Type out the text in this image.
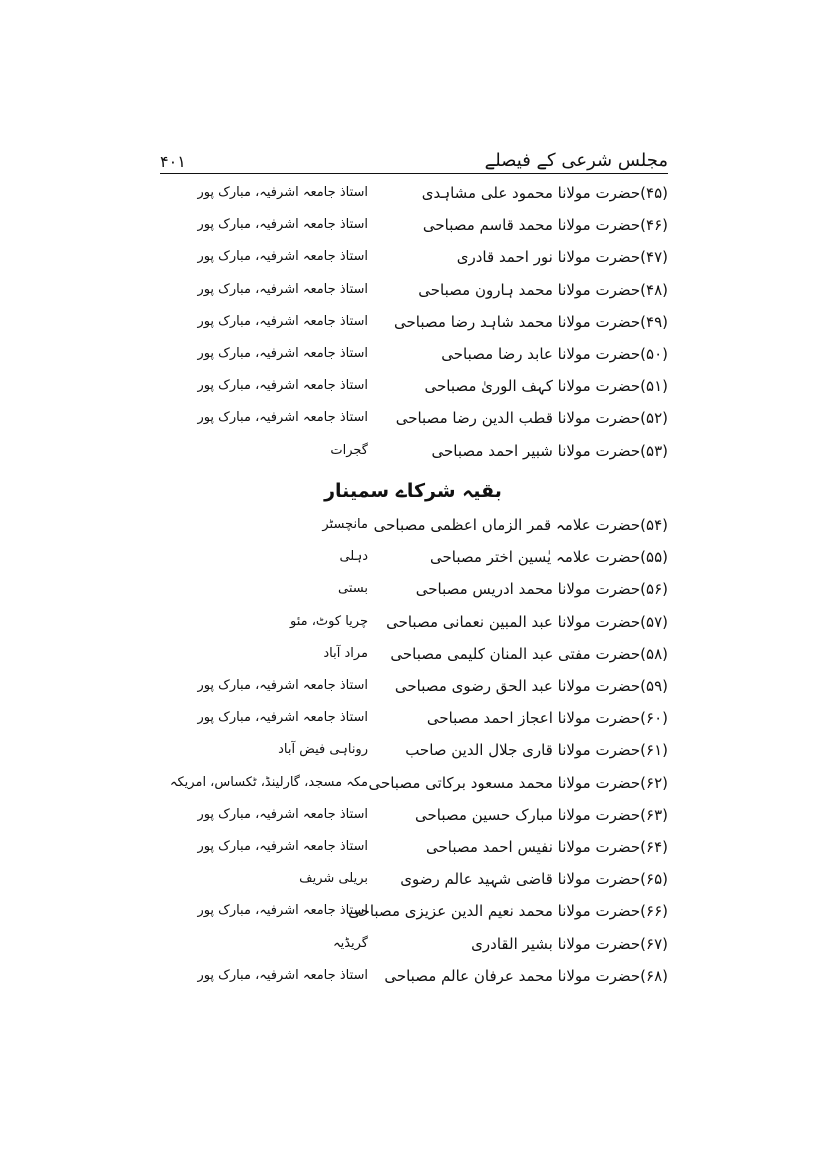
مجلس شرعی کے فیصلے
۴۰۱
(۴۵)حضرت مولانا محمود علی مشاہدی
استاذ جامعہ اشرفیہ، مبارک پور
(۴۶)حضرت مولانا محمد قاسم مصباحی
استاذ جامعہ اشرفیہ، مبارک پور
(۴۷)حضرت مولانا نور احمد قادری
استاذ جامعہ اشرفیہ، مبارک پور
(۴۸)حضرت مولانا محمد ہارون مصباحی
استاذ جامعہ اشرفیہ، مبارک پور
(۴۹)حضرت مولانا محمد شاہد رضا مصباحی
استاذ جامعہ اشرفیہ، مبارک پور
(۵۰)حضرت مولانا عابد رضا مصباحی
استاذ جامعہ اشرفیہ، مبارک پور
(۵۱)حضرت مولانا کہف الوریٰ مصباحی
استاذ جامعہ اشرفیہ، مبارک پور
(۵۲)حضرت مولانا قطب الدین رضا مصباحی
استاذ جامعہ اشرفیہ، مبارک پور
(۵۳)حضرت مولانا شبیر احمد مصباحی
گجرات
بقیہ شرکاے سمینار
(۵۴)حضرت علامہ قمر الزماں اعظمی مصباحی
مانچسٹر
(۵۵)حضرت علامہ یٰسین اختر مصباحی
دہلی
(۵۶)حضرت مولانا محمد ادریس مصباحی
بستی
(۵۷)حضرت مولانا عبد المبین نعمانی مصباحی
چریا کوٹ، مئو
(۵۸)حضرت مفتی عبد المنان کلیمی مصباحی
مراد آباد
(۵۹)حضرت مولانا عبد الحق رضوی مصباحی
استاذ جامعہ اشرفیہ، مبارک پور
(۶۰)حضرت مولانا اعجاز احمد مصباحی
استاذ جامعہ اشرفیہ، مبارک پور
(۶۱)حضرت مولانا قاری جلال الدین صاحب
روناہی فیض آباد
(۶۲)حضرت مولانا محمد مسعود برکاتی مصباحی
مکہ مسجد، گارلینڈ، ٹکساس، امریکہ
(۶۳)حضرت مولانا مبارک حسین مصباحی
استاذ جامعہ اشرفیہ، مبارک پور
(۶۴)حضرت مولانا نفیس احمد مصباحی
استاذ جامعہ اشرفیہ، مبارک پور
(۶۵)حضرت مولانا قاضی شہید عالم رضوی
بریلی شریف
(۶۶)حضرت مولانا محمد نعیم الدین عزیزی مصباحی
استاذ جامعہ اشرفیہ، مبارک پور
(۶۷)حضرت مولانا بشیر القادری
گریڈیہ
(۶۸)حضرت مولانا محمد عرفان عالم مصباحی
استاذ جامعہ اشرفیہ، مبارک پور
